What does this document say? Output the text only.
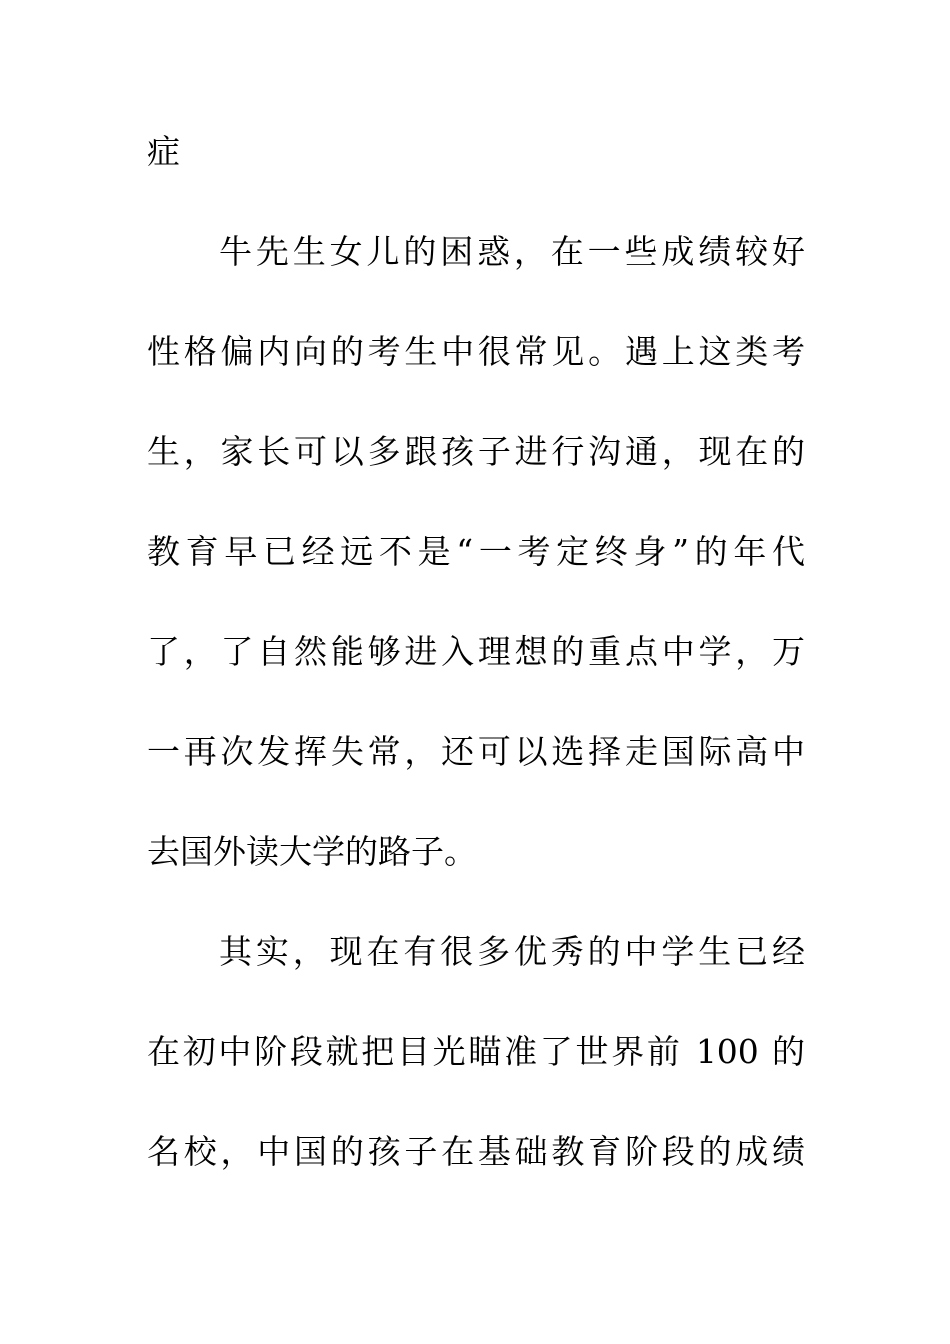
症
牛先生女儿的困惑，在一些成绩较好
性格偏内向的考生中很常见。遇上这类考
生，家长可以多跟孩子进行沟通，现在的
教育早已经远不是“一考定终身”的年代
了，了自然能够进入理想的重点中学，万
一再次发挥失常，还可以选择走国际高中
去国外读大学的路子。
其实，现在有很多优秀的中学生已经
在初中阶段就把目光瞄准了世界前 100 的
名校，中国的孩子在基础教育阶段的成绩
